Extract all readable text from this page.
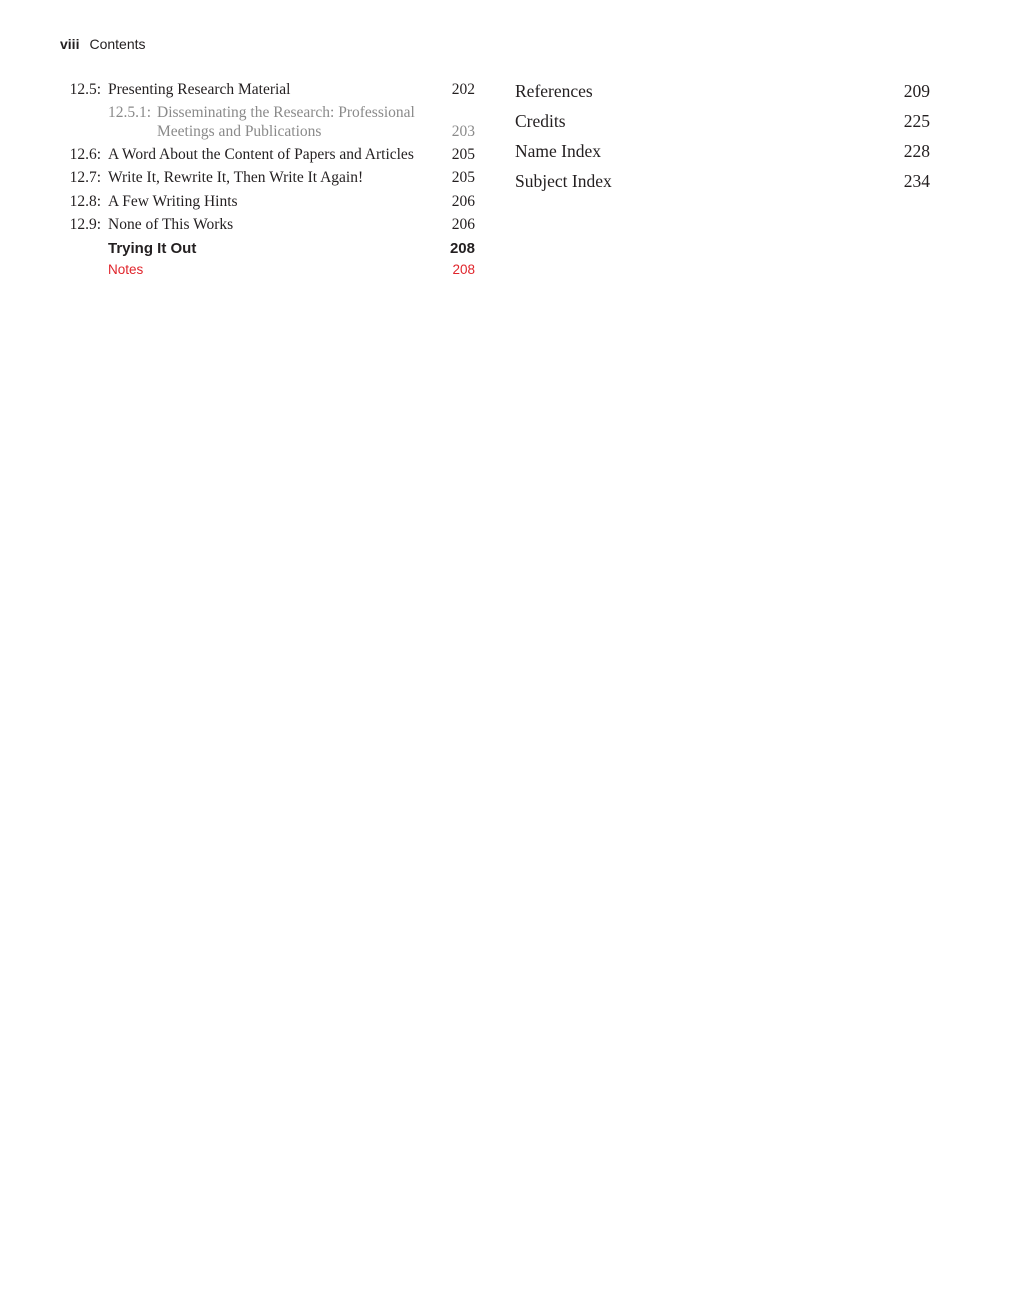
viii Contents
12.5: Presenting Research Material	202
12.5.1: Disseminating the Research: Professional Meetings and Publications	203
12.6: A Word About the Content of Papers and Articles	205
12.7: Write It, Rewrite It, Then Write It Again!	205
12.8: A Few Writing Hints	206
12.9: None of This Works	206
Trying It Out	208
Notes	208
References	209
Credits	225
Name Index	228
Subject Index	234
